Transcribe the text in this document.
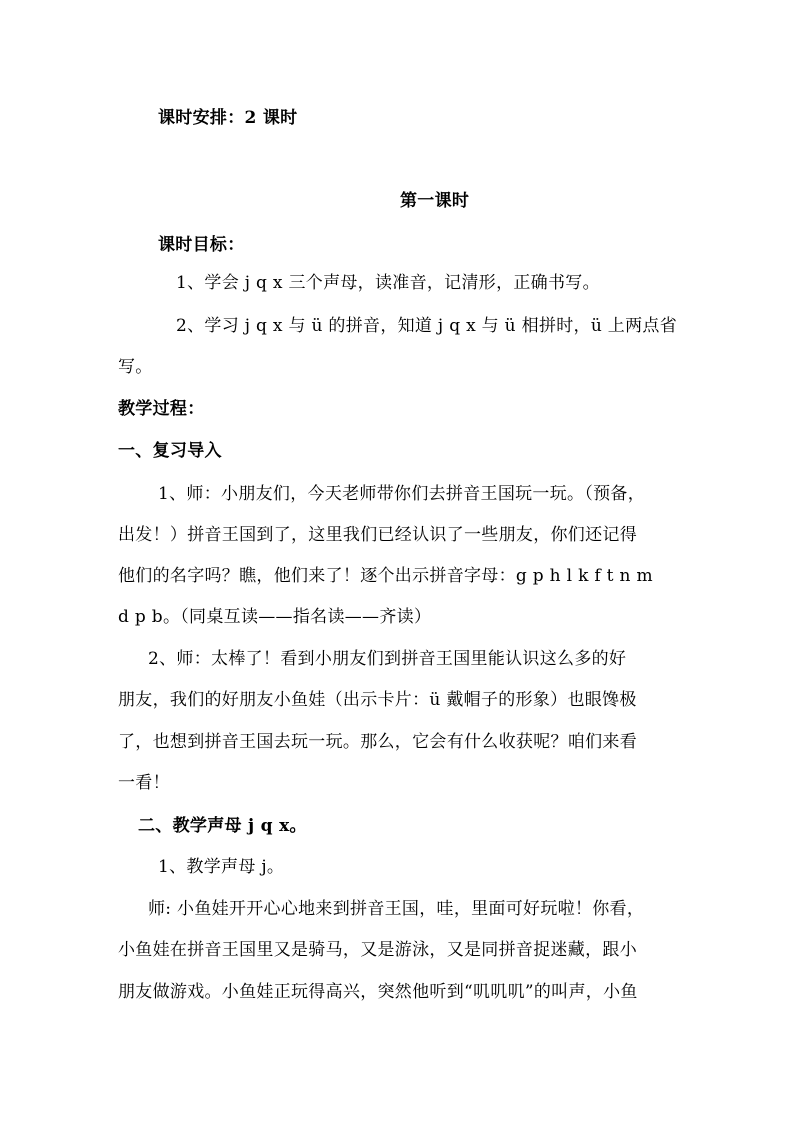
课时安排：2 课时
第一课时
课时目标：
1、学会 j q x 三个声母，读准音，记清形，正确书写。
2、学习 j q x 与 ü 的拼音，知道 j q x 与 ü 相拼时，ü 上两点省
写。
教学过程：
一、复习导入
1、师：小朋友们，今天老师带你们去拼音王国玩一玩。（预备，
出发！）拼音王国到了，这里我们已经认识了一些朋友，你们还记得
他们的名字吗？瞧，他们来了！逐个出示拼音字母：g p h l k f t n m
d p b。（同桌互读——指名读——齐读）
2、师：太棒了！看到小朋友们到拼音王国里能认识这么多的好
朋友，我们的好朋友小鱼娃（出示卡片：ü 戴帽子的形象）也眼馋极
了，也想到拼音王国去玩一玩。那么，它会有什么收获呢？咱们来看
一看！
二、教学声母 j q x。
1、教学声母 j。
师: 小鱼娃开开心心地来到拼音王国，哇，里面可好玩啦！你看，
小鱼娃在拼音王国里又是骑马，又是游泳，又是同拼音捉迷藏，跟小
朋友做游戏。小鱼娃正玩得高兴，突然他听到“叽叽叽”的叫声，小鱼
